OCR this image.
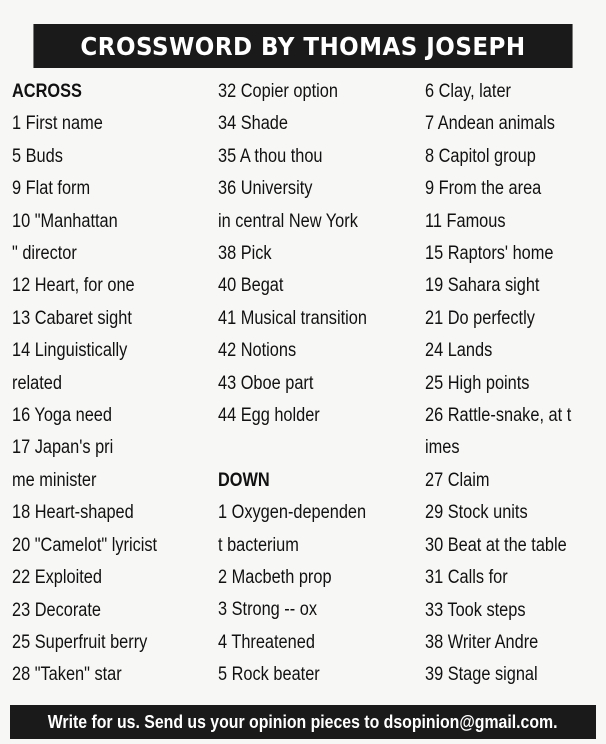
CROSSWORD BY THOMAS JOSEPH
ACROSS
1 First name
5 Buds
9 Flat form
10 "Manhattan
" director
12 Heart, for one
13 Cabaret sight
14 Linguistically
related
16 Yoga need
17 Japan's pri
me minister
18 Heart-shaped
20 "Camelot" lyricist
22 Exploited
23 Decorate
25 Superfruit berry
28 "Taken" star
32 Copier option
34 Shade
35 A thou thou
36 University
in central New York
38 Pick
40 Begat
41 Musical transition
42 Notions
43 Oboe part
44 Egg holder
DOWN
1 Oxygen-dependen
t bacterium
2 Macbeth prop
3 Strong -- ox
4 Threatened
5 Rock beater
6 Clay, later
7 Andean animals
8 Capitol group
9 From the area
11 Famous
15 Raptors' home
19 Sahara sight
21 Do perfectly
24 Lands
25 High points
26 Rattle-snake, at t
imes
27 Claim
29 Stock units
30 Beat at the table
31 Calls for
33 Took steps
38 Writer Andre
39 Stage signal
Write for us. Send us your opinion pieces to dsopinion@gmail.com.
